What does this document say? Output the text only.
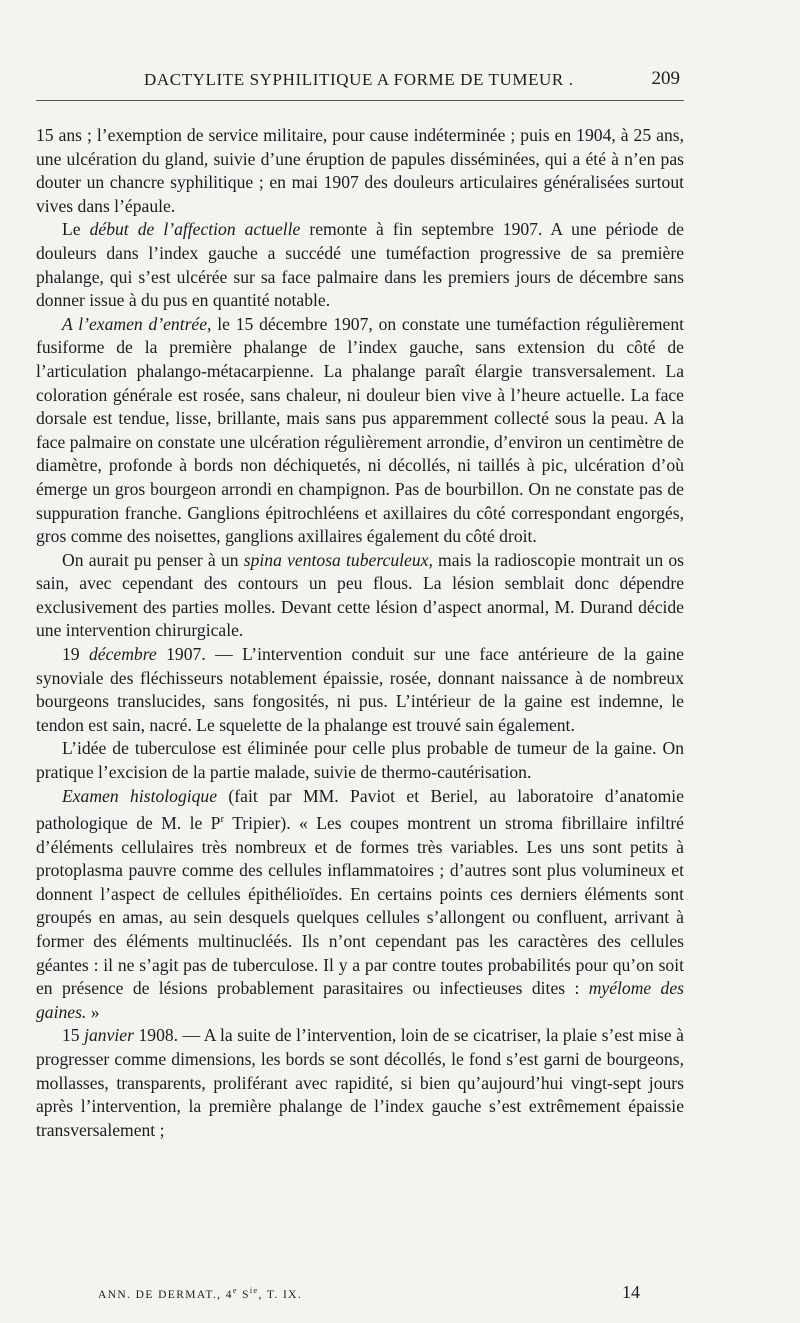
DACTYLITE SYPHILITIQUE A FORME DE TUMEUR .	209

15 ans ; l’exemption de service militaire, pour cause indéterminée ; puis en 1904, à 25 ans, une ulcération du gland, suivie d’une éruption de papules disséminées, qui a été à n’en pas douter un chancre syphilitique ; en mai 1907 des douleurs articulaires généralisées surtout vives dans l’épaule.

Le début de l’affection actuelle remonte à fin septembre 1907. A une période de douleurs dans l’index gauche a succédé une tuméfaction progressive de sa première phalange, qui s’est ulcérée sur sa face palmaire dans les premiers jours de décembre sans donner issue à du pus en quantité notable.

A l’examen d’entrée, le 15 décembre 1907, on constate une tuméfaction régulièrement fusiforme de la première phalange de l’index gauche, sans extension du côté de l’articulation phalango-métacarpienne. La phalange paraît élargie transversalement. La coloration générale est rosée, sans chaleur, ni douleur bien vive à l’heure actuelle. La face dorsale est tendue, lisse, brillante, mais sans pus apparemment collecté sous la peau. A la face palmaire on constate une ulcération régulièrement arrondie, d’environ un centimètre de diamètre, profonde à bords non déchiquetés, ni décollés, ni taillés à pic, ulcération d’où émerge un gros bourgeon arrondi en champignon. Pas de bourbillon. On ne constate pas de suppuration franche. Ganglions épitrochléens et axillaires du côté correspondant engorgés, gros comme des noisettes, ganglions axillaires également du côté droit.

On aurait pu penser à un spina ventosa tuberculeux, mais la radioscopie montrait un os sain, avec cependant des contours un peu flous. La lésion semblait donc dépendre exclusivement des parties molles. Devant cette lésion d’aspect anormal, M. Durand décide une intervention chirurgicale.

19 décembre 1907. — L’intervention conduit sur une face antérieure de la gaine synoviale des fléchisseurs notablement épaissie, rosée, donnant naissance à de nombreux bourgeons translucides, sans fongosités, ni pus. L’intérieur de la gaine est indemne, le tendon est sain, nacré. Le squelette de la phalange est trouvé sain également.

L’idée de tuberculose est éliminée pour celle plus probable de tumeur de la gaine. On pratique l’excision de la partie malade, suivie de thermo-cautérisation.

Examen histologique (fait par MM. Paviot et Beriel, au laboratoire d’anatomie pathologique de M. le $P^r$ Tripier). « Les coupes montrent un stroma fibrillaire infiltré d’éléments cellulaires très nombreux et de formes très variables. Les uns sont petits à protoplasma pauvre comme des cellules inflammatoires ; d’autres sont plus volumineux et donnent l’aspect de cellules épithélioïdes. En certains points ces derniers éléments sont groupés en amas, au sein desquels quelques cellules s’allongent ou confluent, arrivant à former des éléments multinucléés. Ils n’ont cependant pas les caractères des cellules géantes : il ne s’agit pas de tuberculose. Il y a par contre toutes probabilités pour qu’on soit en présence de lésions probablement parasitaires ou infectieuses dites : myélome des gaines. »

15 janvier 1908. — A la suite de l’intervention, loin de se cicatriser, la plaie s’est mise à progresser comme dimensions, les bords se sont décollés, le fond s’est garni de bourgeons, mollasses, transparents, proliférant avec rapidité, si bien qu’aujourd’hui vingt-sept jours après l’intervention, la première phalange de l’index gauche s’est extrêmement épaissie transversalement ;

ANN. DE DERMAT., 4e $S^{ie}$, T. IX.	14
